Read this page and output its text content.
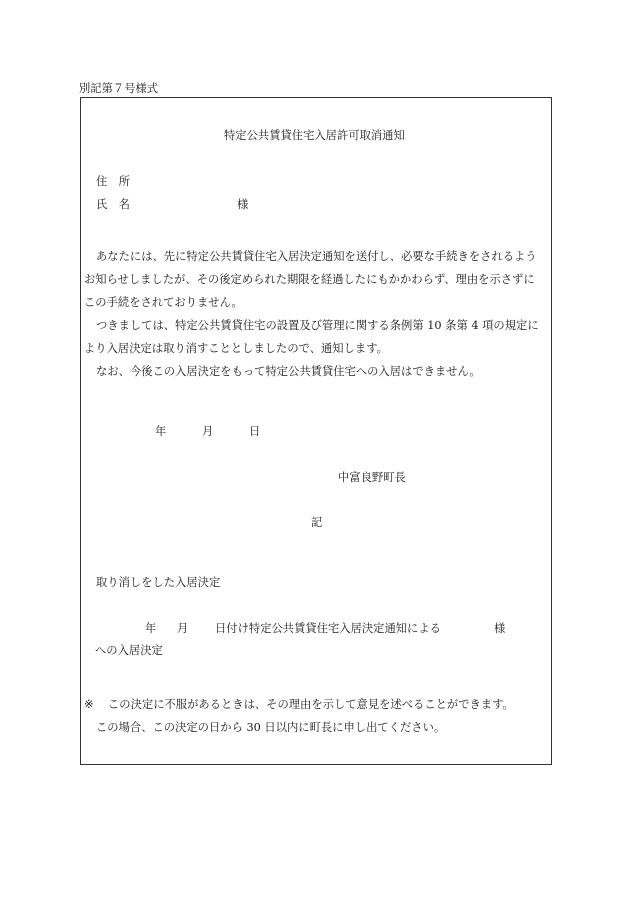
別記第７号様式
特定公共賃貸住宅入居許可取消通知
住　所
氏　名	様
あなたには、先に特定公共賃貸住宅入居決定通知を送付し、必要な手続きをされるよう
お知らせしましたが、その後定められた期限を経過したにもかかわらず、理由を示さずに
この手続をされておりません。
つきましては、特定公共賃貸住宅の設置及び管理に関する条例第 10 条第 4 項の規定に
より入居決定は取り消すこととしましたので、通知します。
なお、今後この入居決定をもって特定公共賃貸住宅への入居はできません。
年	月	日
中富良野町長
記
取り消しをした入居決定
年 月 日付け特定公共賃貸住宅入居決定通知による	様
への入居決定
※ この決定に不服があるときは、その理由を示して意見を述べることができます。
この場合、この決定の日から 30 日以内に町長に申し出てください。
